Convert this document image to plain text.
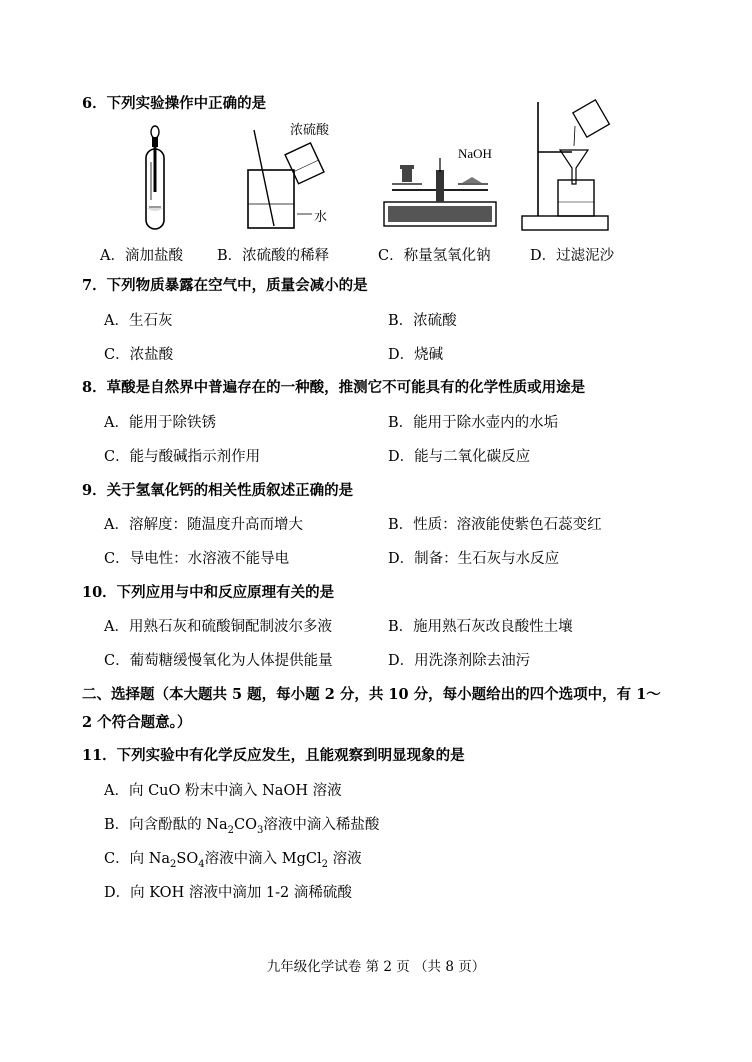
6．下列实验操作中正确的是
浓硫酸
水
NaOH
A．滴加盐酸 B．浓硫酸的稀释	C．称量氢氧化钠	D．过滤泥沙
7．下列物质暴露在空气中，质量会减小的是
A．生石灰	B．浓硫酸
C．浓盐酸	D．烧碱
8．草酸是自然界中普遍存在的一种酸，推测它不可能具有的化学性质或用途是
A．能用于除铁锈	B．能用于除水壶内的水垢
C．能与酸碱指示剂作用	D．能与二氧化碳反应
9．关于氢氧化钙的相关性质叙述正确的是
A．溶解度：随温度升高而增大	B．性质：溶液能使紫色石蕊变红
C．导电性：水溶液不能导电	D．制备：生石灰与水反应
10．下列应用与中和反应原理有关的是
A．用熟石灰和硫酸铜配制波尔多液	B．施用熟石灰改良酸性土壤
C．葡萄糖缓慢氧化为人体提供能量	D．用洗涤剂除去油污
二、选择题（本大题共 5 题，每小题 2 分，共 10 分，每小题给出的四个选项中，有 1～
2 个符合题意。）
11．下列实验中有化学反应发生，且能观察到明显现象的是
A．向 CuO 粉末中滴入 NaOH 溶液
B．向含酚酞的 $Na_2CO_3$溶液中滴入稀盐酸
C．向 $Na_2SO_4$溶液中滴入 MgCl$_2$ 溶液
D．向 KOH 溶液中滴加 1-2 滴稀硫酸
九年级化学试卷 第 2 页 （共 8 页）
